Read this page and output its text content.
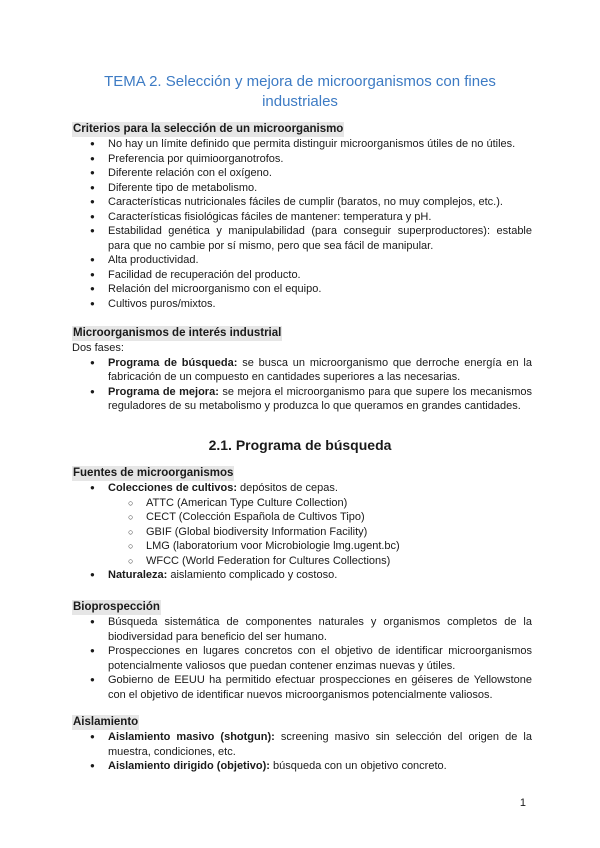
TEMA 2. Selección y mejora de microorganismos con fines industriales
Criterios para la selección de un microorganismo
● No hay un límite definido que permita distinguir microorganismos útiles de no útiles.
● Preferencia por quimioorganotrofos.
● Diferente relación con el oxígeno.
● Diferente tipo de metabolismo.
● Características nutricionales fáciles de cumplir (baratos, no muy complejos, etc.).
● Características fisiológicas fáciles de mantener: temperatura y pH.
● Estabilidad genética y manipulabilidad (para conseguir superproductores): estable para que no cambie por sí mismo, pero que sea fácil de manipular.
● Alta productividad.
● Facilidad de recuperación del producto.
● Relación del microorganismo con el equipo.
● Cultivos puros/mixtos.
Microorganismos de interés industrial
Dos fases:
● Programa de búsqueda: se busca un microorganismo que derroche energía en la fabricación de un compuesto en cantidades superiores a las necesarias.
● Programa de mejora: se mejora el microorganismo para que supere los mecanismos reguladores de su metabolismo y produzca lo que queramos en grandes cantidades.
2.1. Programa de búsqueda
Fuentes de microorganismos
● Colecciones de cultivos: depósitos de cepas.
○ ATTC (American Type Culture Collection)
○ CECT (Colección Española de Cultivos Tipo)
○ GBIF (Global biodiversity Information Facility)
○ LMG (laboratorium voor Microbiologie lmg.ugent.bc)
○ WFCC (World Federation for Cultures Collections)
● Naturaleza: aislamiento complicado y costoso.
Bioprospección
● Búsqueda sistemática de componentes naturales y organismos completos de la biodiversidad para beneficio del ser humano.
● Prospecciones en lugares concretos con el objetivo de identificar microorganismos potencialmente valiosos que puedan contener enzimas nuevas y útiles.
● Gobierno de EEUU ha permitido efectuar prospecciones en géiseres de Yellowstone con el objetivo de identificar nuevos microorganismos potencialmente valiosos.
Aislamiento
● Aislamiento masivo (shotgun): screening masivo sin selección del origen de la muestra, condiciones, etc.
● Aislamiento dirigido (objetivo): búsqueda con un objetivo concreto.
1
